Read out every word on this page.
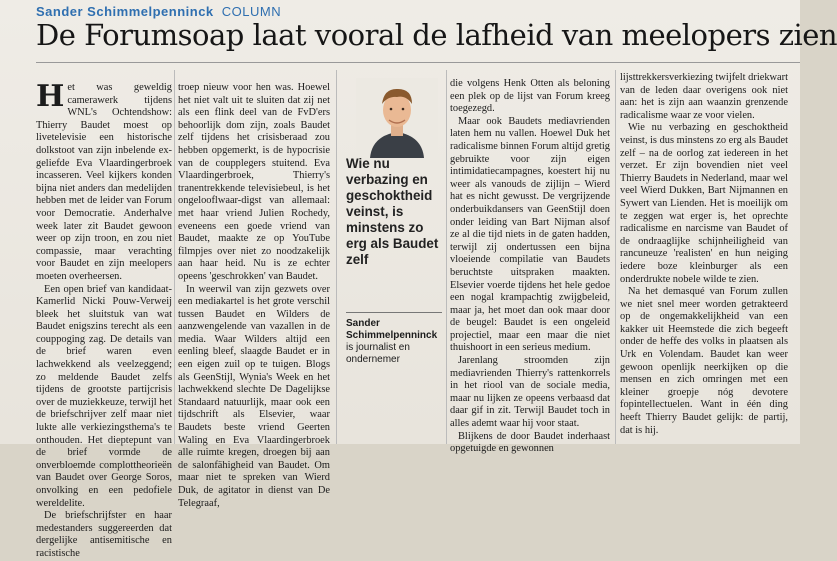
Sander Schimmelpenninck COLUMN
De Forumsoap laat vooral de lafheid van meelopers zien

Het was geweldig camerawerk tijdens WNL's Ochtendshow: Thierry Baudet moest op livetelevisie een historische dolkstoot van zijn inbelende ex-geliefde Eva Vlaardingerbroek incasseren. Veel kijkers konden bijna niet anders dan medelijden hebben met de leider van Forum voor Democratie. Anderhalve week later zit Baudet gewoon weer op zijn troon, en zou niet compassie, maar verachting voor Baudet en zijn meelopers moeten overheersen.

Een open brief van kandidaat-Kamerlid Nicki Pouw-Verweij bleek het sluitstuk van wat Baudet enigszins terecht als een couppoging zag. De details van de brief waren even lachwekkend als veelzeggend; zo meldende Baudet zelfs tijdens de grootste partijcrisis over de muziekkeuze, terwijl het de briefschrijver zelf maar niet lukte alle verkiezingsthema's te onthouden. Het dieptepunt van de brief vormde de onverbloemde complottheorieën van Baudet over George Soros, onvolking en een pedofiele wereldelite.

De briefschrijfster en haar medestanders suggereerden dat dergelijke antisemitische en racistische

troep nieuw voor hen was. Hoewel het niet valt uit te sluiten dat zij net als een flink deel van de FvD'ers behoorlijk dom zijn, zoals Baudet zelf tijdens het crisisberaad zou hebben opgemerkt, is de hypocrisie van de coupplegers stuitend. Eva Vlaardingerbroek, Thierry's tranentrekkende televisiebeul, is het ongelooflwaar-digst van allemaal: met haar vriend Julien Rochedy, eveneens een goede vriend van Baudet, maakte ze op YouTube filmpjes over niet zo noodzakelijk aan haar heid. Nu is ze echter opeens 'geschrokken' van Baudet.

In weerwil van zijn gezwets over een mediakartel is het grote verschil tussen Baudet en Wilders de aanzwengelende van vazallen in de media. Waar Wilders altijd een eenling bleef, slaagde Baudet er in een eigen zuil op te tuigen. Blogs als GeenStijl, Wynia's Week en het lachwekkend slechte De Dagelijkse Standaard natuurlijk, maar ook een tijdschrift als Elsevier, waar Baudets beste vriend Geerten Waling en Eva Vlaardingerbroek alle ruimte kregen, droegen bij aan de salonfähigheid van Baudet. Om maar niet te spreken van Wierd Duk, de agitator in dienst van De Telegraaf,

Wie nu verbazing en geschoktheid veinst, is minstens zo erg als Baudet zelf
Sander Schimmelpenninck is journalist en ondernemer

die volgens Henk Otten als beloning een plek op de lijst van Forum kreeg toegezegd.

Maar ook Baudets mediavrienden laten hem nu vallen. Hoewel Duk het radicalisme binnen Forum altijd gretig gebruikte voor zijn eigen intimidatiecampagnes, koestert hij nu weer als vanouds de zijlijn – Wierd hat es nicht gewusst. De vergrijzende onderbuikdansers van GeenStijl doen onder leiding van Bart Nijman alsof ze al die tijd niets in de gaten hadden, terwijl zij ondertussen een bijna vloeiende compilatie van Baudets beruchtste uitspraken maakten. Elsevier voerde tijdens het hele gedoe een nogal krampachtig zwijgbeleid, maar ja, het moet dan ook maar door de beugel: Baudet is een ongeleid projectiel, maar een maar die niet thuishoort in een serieus medium.

Jarenlang stroomden zijn mediavrienden Thierry's rattenkorrels in het riool van de sociale media, maar nu lijken ze opeens verbaasd dat daar gif in zit. Terwijl Baudet toch in alles ademt waar hij voor staat.

Blijkens de door Baudet inderhaast opgetuigde en gewonnen

lijsttrekkersverkiezing twijfelt driekwart van de leden daar overigens ook niet aan: het is zijn aan waanzin grenzende radicalisme waar ze voor vielen.

Wie nu verbazing en geschoktheid veinst, is dus minstens zo erg als Baudet zelf – na de oorlog zat iedereen in het verzet. Er zijn bovendien niet veel Thierry Baudets in Nederland, maar wel veel Wierd Dukken, Bart Nijmannen en Sywert van Lienden. Het is moeilijk om te zeggen wat erger is, het oprechte radicalisme en narcisme van Baudet of de ondraaglijke schijnheiligheid van rancuneuze 'realisten' en hun neiging iedere boze kleinburger als een onderdrukte nobele wilde te zien.

Na het demasqué van Forum zullen we niet snel meer worden getrakteerd op de ongemakkelijkheid van een kakker uit Heemstede die zich begeeft onder de heffe des volks in plaatsen als Urk en Volendam. Baudet kan weer gewoon openlijk neerkijken op die mensen en zich omringen met een kleiner groepje nóg devotere fopintellectuelen. Want in één ding heeft Thierry Baudet gelijk: de partij, dat is hij.
